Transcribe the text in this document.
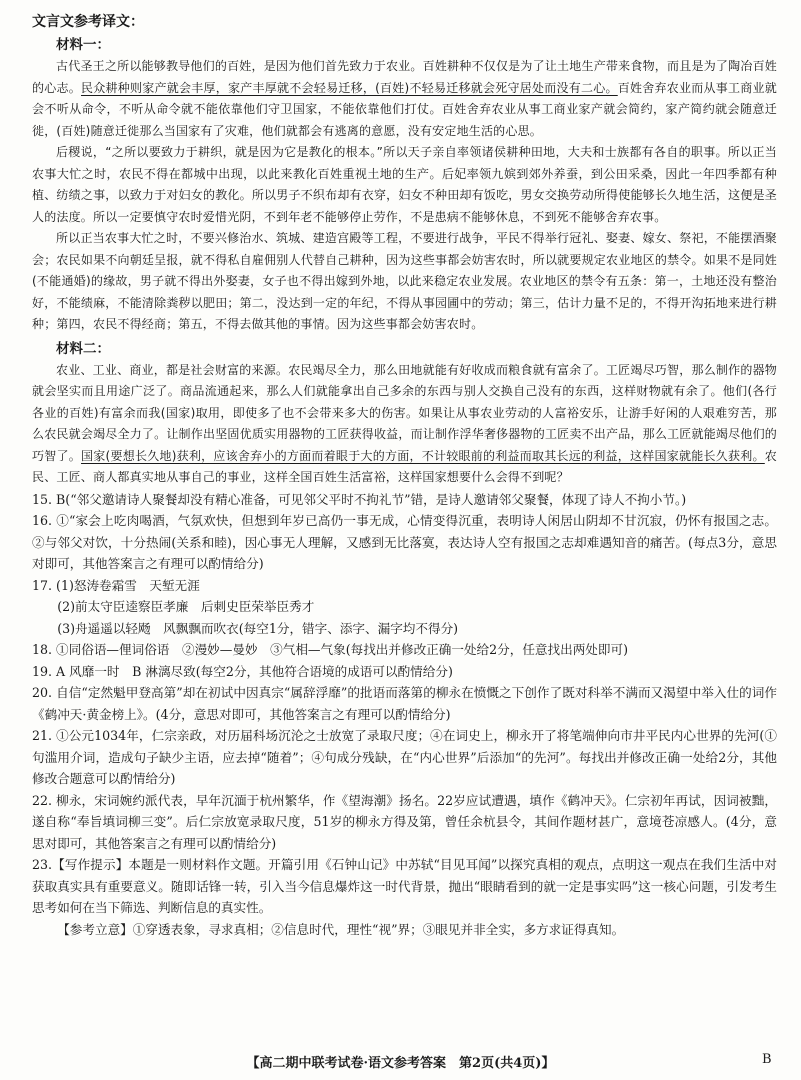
文言文参考译文：
材料一：

古代圣王之所以能够教导他们的百姓，是因为他们首先致力于农业。百姓耕种不仅仅是为了让土地生产带来食物，而且是为了陶冶百姓的心志。民众耕种则家产就会丰厚，家产丰厚就不会轻易迁移，(百姓)不轻易迁移就会死守居处而没有二心。百姓舍弃农业而从事工商业就会不听从命令，不听从命令就不能依靠他们守卫国家，不能依靠他们打仗。百姓舍弃农业从事工商业家产就会简约，家产简约就会随意迁徙，(百姓)随意迁徙那么当国家有了灾难，他们就都会有逃离的意愿，没有安定地生活的心思。

后稷说，“之所以要致力于耕织，就是因为它是教化的根本。”所以天子亲自率领诸侯耕种田地，大夫和士族都有各自的职事。所以正当农事大忙之时，农民不得在都城中出现，以此来教化百姓重视土地的生产。后妃率领九嫔到郊外养蚕，到公田采桑，因此一年四季都有种植、纺绩之事，以致力于对妇女的教化。所以男子不织布却有衣穿，妇女不种田却有饭吃，男女交换劳动所得使能够长久地生活，这便是圣人的法度。所以一定要慎守农时爱惜光阴，不到年老不能够停止劳作，不是患病不能够休息，不到死不能够舍弃农事。

所以正当农事大忙之时，不要兴修治水、筑城、建造宫殿等工程，不要进行战争，平民不得举行冠礼、娶妻、嫁女、祭祀，不能摆酒聚会；农民如果不向朝廷呈报，就不得私自雇佣别人代替自己耕种，因为这些事都会妨害农时，所以就要规定农业地区的禁令。如果不是同姓(不能通婚)的缘故，男子就不得出外娶妻，女子也不得出嫁到外地，以此来稳定农业发展。农业地区的禁令有五条：第一，土地还没有整治好，不能绩麻，不能清除粪秽以肥田；第二，没达到一定的年纪，不得从事园圃中的劳动；第三，估计力量不足的，不得开沟拓地来进行耕种；第四，农民不得经商；第五，不得去做其他的事情。因为这些事都会妨害农时。

材料二：

农业、工业、商业，都是社会财富的来源。农民竭尽全力，那么田地就能有好收成而粮食就有富余了。工匠竭尽巧智，那么制作的器物就会坚实而且用途广泛了。商品流通起来，那么人们就能拿出自己多余的东西与别人交换自己没有的东西，这样财物就有余了。他们(各行各业的百姓)有富余而我(国家)取用，即使多了也不会带来多大的伤害。如果让从事农业劳动的人富裕安乐，让游手好闲的人艰难穷苦，那么农民就会竭尽全力了。让制作出坚固优质实用器物的工匠获得收益，而让制作浮华奢侈器物的工匠卖不出产品，那么工匠就能竭尽他们的巧智了。国家(要想长久地)获利，应该舍弃小的方面而着眼于大的方面，不计较眼前的利益而取其长远的利益，这样国家就能长久获利。农民、工匠、商人都真实地从事自己的事业，这样全国百姓生活富裕，这样国家想要什么会得不到呢？

15. B(“邻父邀请诗人聚餐却没有精心准备，可见邻父平时不拘礼节”错，是诗人邀请邻父聚餐，体现了诗人不拘小节。)

16. ①“家会上吃肉喝酒，气氛欢快，但想到年岁已高仍一事无成，心情变得沉重，表明诗人闲居山阴却不甘沉寂，仍怀有报国之志。②与邻父对饮，十分热闹(关系和睦)，因心事无人理解，又感到无比落寞，表达诗人空有报国之志却难遇知音的痛苦。(每点3分，意思对即可，其他答案言之有理可以酌情给分)

17. (1)怒涛卷霜雪　天堑无涯
(2)前太守臣逵察臣孝廉　后刺史臣荣举臣秀才
(3)舟遥遥以轻飏　风飘飘而吹衣(每空1分，错字、添字、漏字均不得分)

18. ①同俗语—俚词俗语　②漫妙—曼妙　③气相—气象(每找出并修改正确一处给2分，任意找出两处即可)

19. A 风靡一时　B 淋漓尽致(每空2分，其他符合语境的成语可以酌情给分)

20. 自信“定然魁甲登高第”却在初试中因真宗“属辞浮靡”的批语而落第的柳永在愤慨之下创作了既对科举不满而又渴望中举入仕的词作《鹤冲天·黄金榜上》。(4分，意思对即可，其他答案言之有理可以酌情给分)

21. ①公元1034年，仁宗亲政，对历届科场沉沦之士放宽了录取尺度；④在词史上，柳永开了将笔端伸向市井平民内心世界的先河(①句滥用介词，造成句子缺少主语，应去掉“随着”；④句成分残缺，在“内心世界”后添加“的先河”。每找出并修改正确一处给2分，其他修改合题意可以酌情给分)

22. 柳永，宋词婉约派代表，早年沉湎于杭州繁华，作《望海潮》扬名。22岁应试遭遇，填作《鹤冲天》。仁宗初年再试，因词被黜，遂自称“奉旨填词柳三变”。后仁宗放宽录取尺度，51岁的柳永方得及第，曾任余杭县令，其间作题材甚广，意境苍凉感人。(4分，意思对即可，其他答案言之有理可以酌情给分)

23.【写作提示】本题是一则材料作文题。开篇引用《石钟山记》中苏轼“目见耳闻”以探究真相的观点，点明这一观点在我们生活中对获取真实具有重要意义。随即话锋一转，引入当今信息爆炸这一时代背景，抛出“眼睛看到的就一定是事实吗”这一核心问题，引发考生思考如何在当下筛选、判断信息的真实性。
【参考立意】①穿透表象，寻求真相；②信息时代，理性“视”界；③眼见并非全实，多方求证得真知。

【高二期中联考试卷·语文参考答案　第2页(共4页)】	B
